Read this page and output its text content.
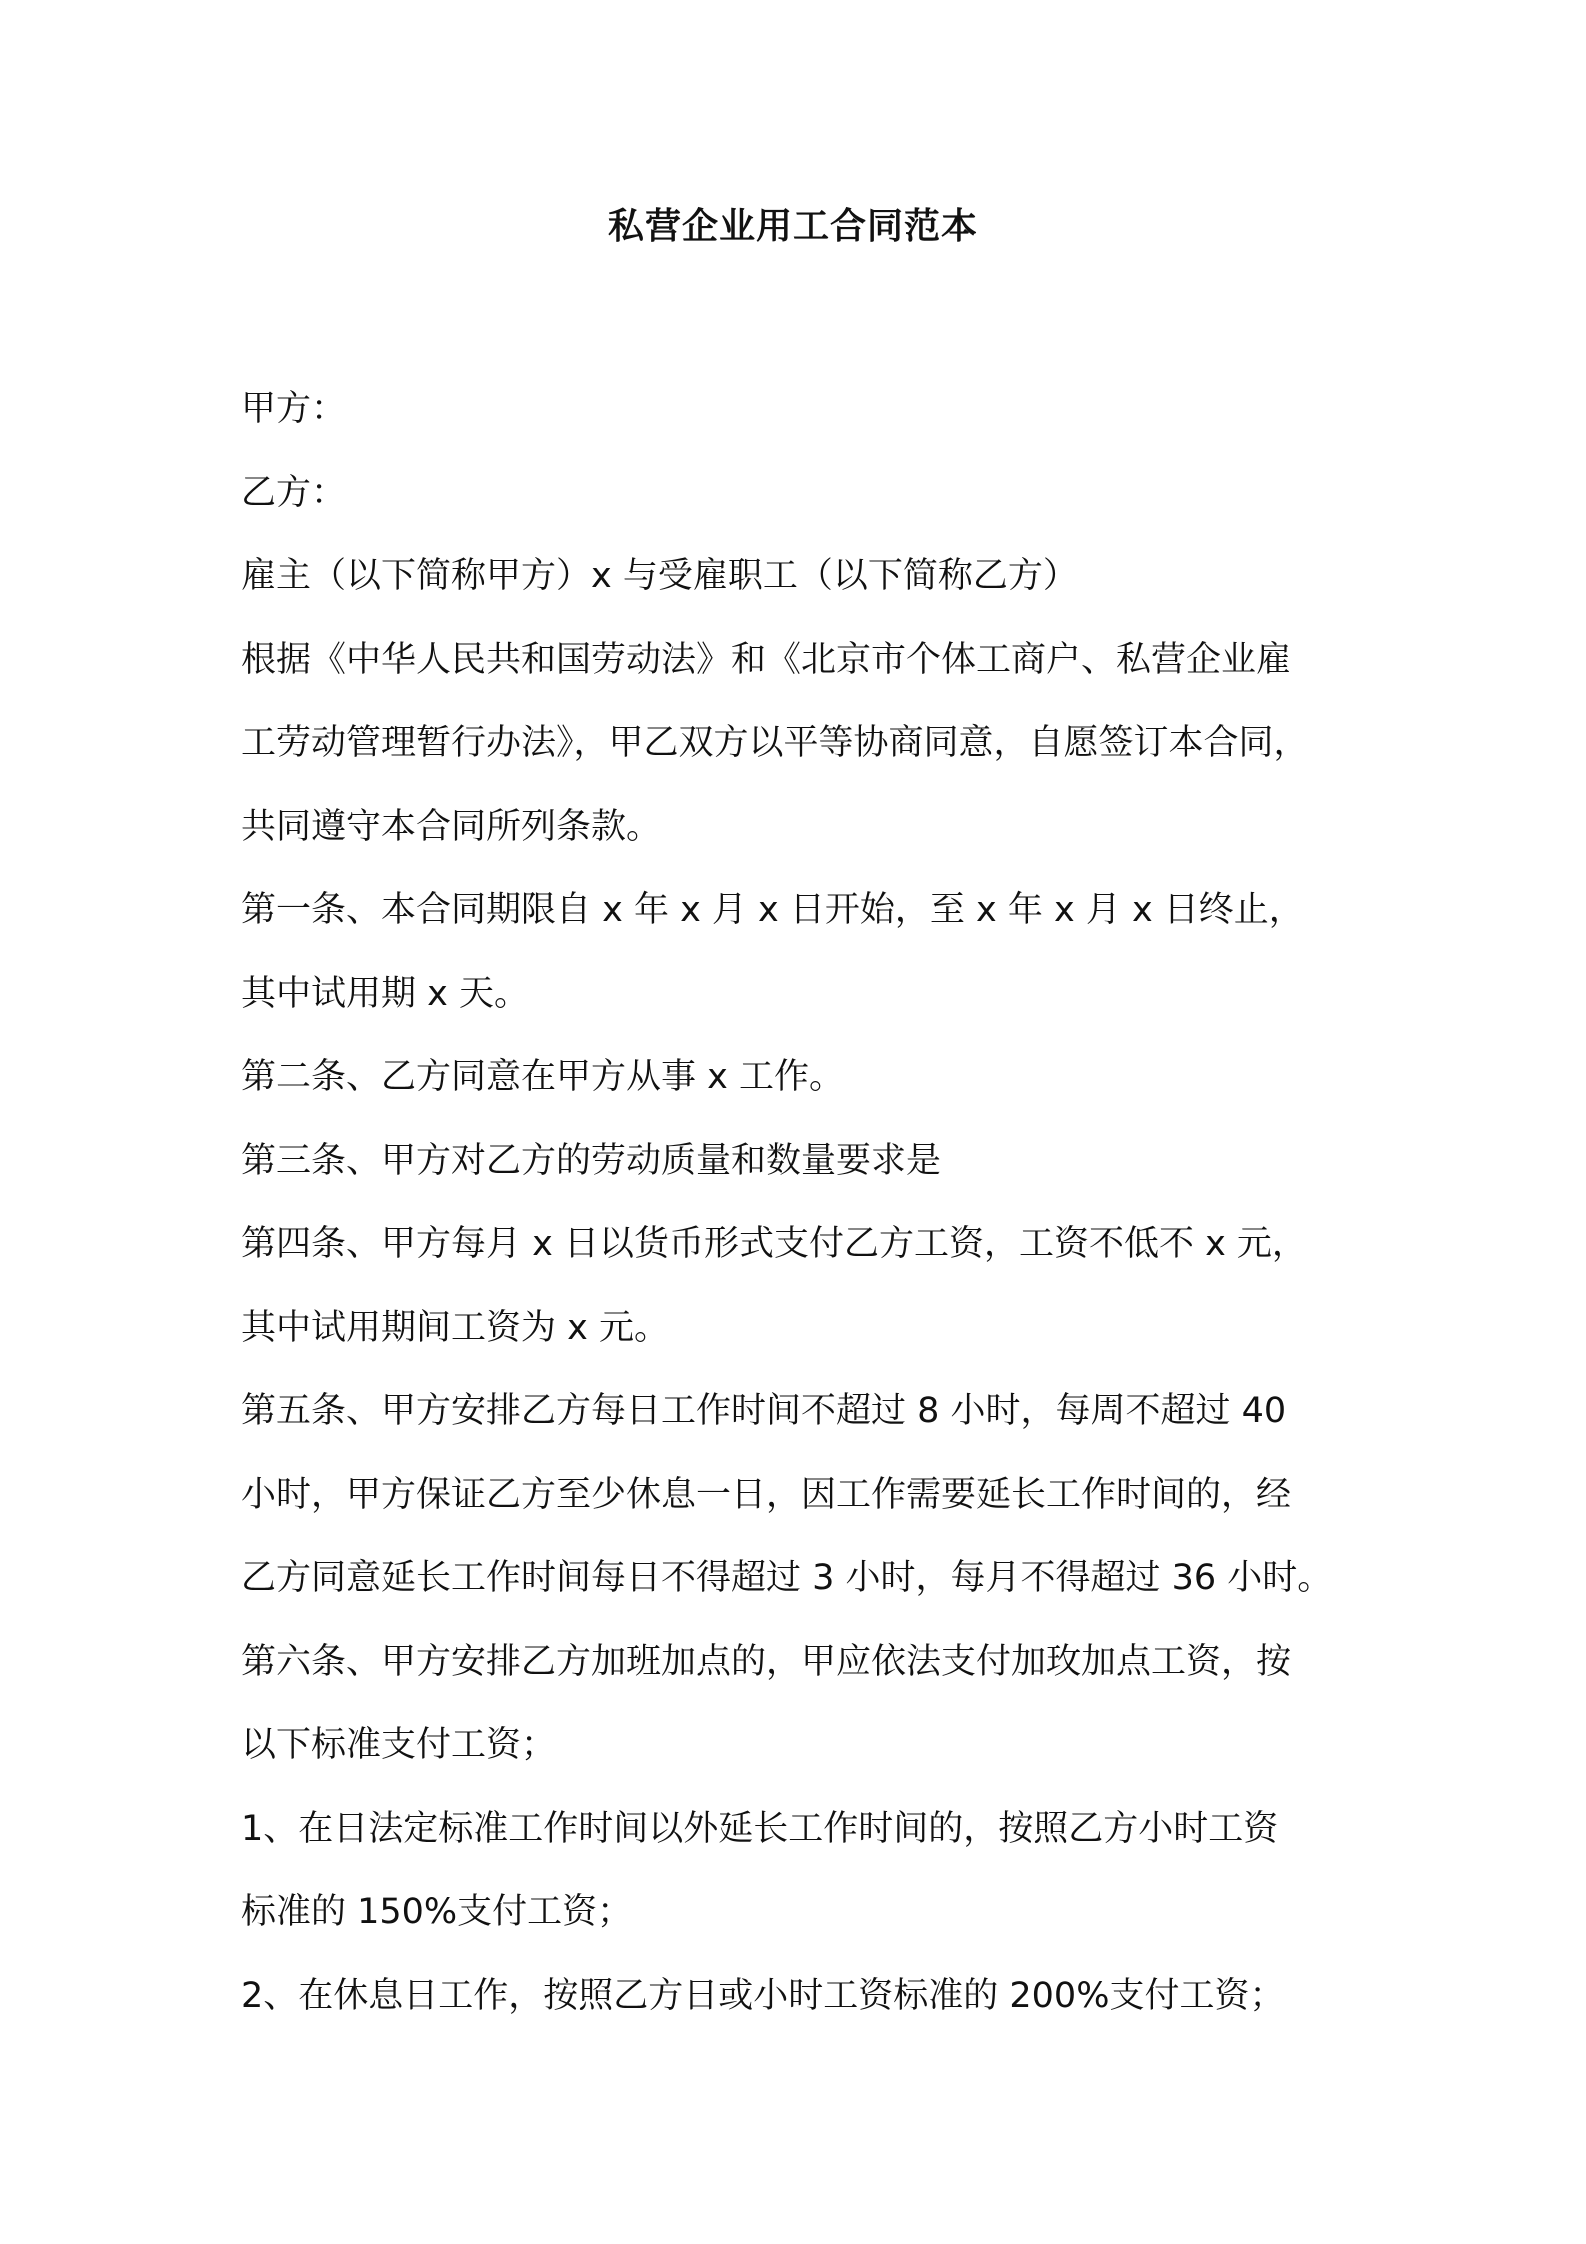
私营企业用工合同范本
甲方：
乙方：
雇主（以下简称甲方）x 与受雇职工（以下简称乙方）
根据《中华人民共和国劳动法》和《北京市个体工商户、私营企业雇
工劳动管理暂行办法》，甲乙双方以平等协商同意，自愿签订本合同，
共同遵守本合同所列条款。
第一条、本合同期限自 x 年 x 月 x 日开始，至 x 年 x 月 x 日终止，
其中试用期 x 天。
第二条、乙方同意在甲方从事 x 工作。
第三条、甲方对乙方的劳动质量和数量要求是
第四条、甲方每月 x 日以货币形式支付乙方工资，工资不低不 x 元，
其中试用期间工资为 x 元。
第五条、甲方安排乙方每日工作时间不超过 8 小时，每周不超过 40
小时，甲方保证乙方至少休息一日，因工作需要延长工作时间的，经
乙方同意延长工作时间每日不得超过 3 小时，每月不得超过 36 小时。
第六条、甲方安排乙方加班加点的，甲应依法支付加玫加点工资，按
以下标准支付工资；
1、在日法定标准工作时间以外延长工作时间的，按照乙方小时工资
标准的 150%支付工资；
2、在休息日工作，按照乙方日或小时工资标准的 200%支付工资；
